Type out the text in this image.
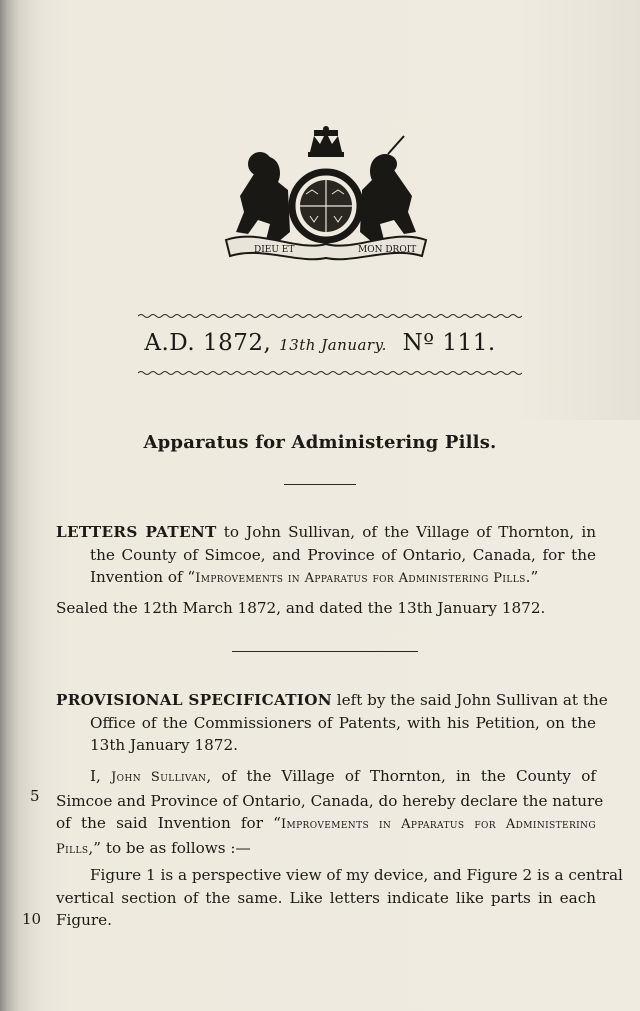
DIEU ET	MON DROIT
A.D. 1872, 13th January. Nº 111.
Apparatus for Administering Pills.
LETTERS PATENT to John Sullivan, of the Village of Thornton, in
the County of Simcoe, and Province of Ontario, Canada, for the
Invention of “Improvements in Apparatus for Administering Pills.”
Sealed the 12th March 1872, and dated the 13th January 1872.
PROVISIONAL SPECIFICATION left by the said John Sullivan at the
Office of the Commissioners of Patents, with his Petition, on the
13th January 1872.
I, John Sullivan, of the Village of Thornton, in the County of
Simcoe and Province of Ontario, Canada, do hereby declare the nature
of the said Invention for “Improvements in Apparatus for Administering
Pills,” to be as follows :—
Figure 1 is a perspective view of my device, and Figure 2 is a central
vertical section of the same. Like letters indicate like parts in each
Figure.
5
10
